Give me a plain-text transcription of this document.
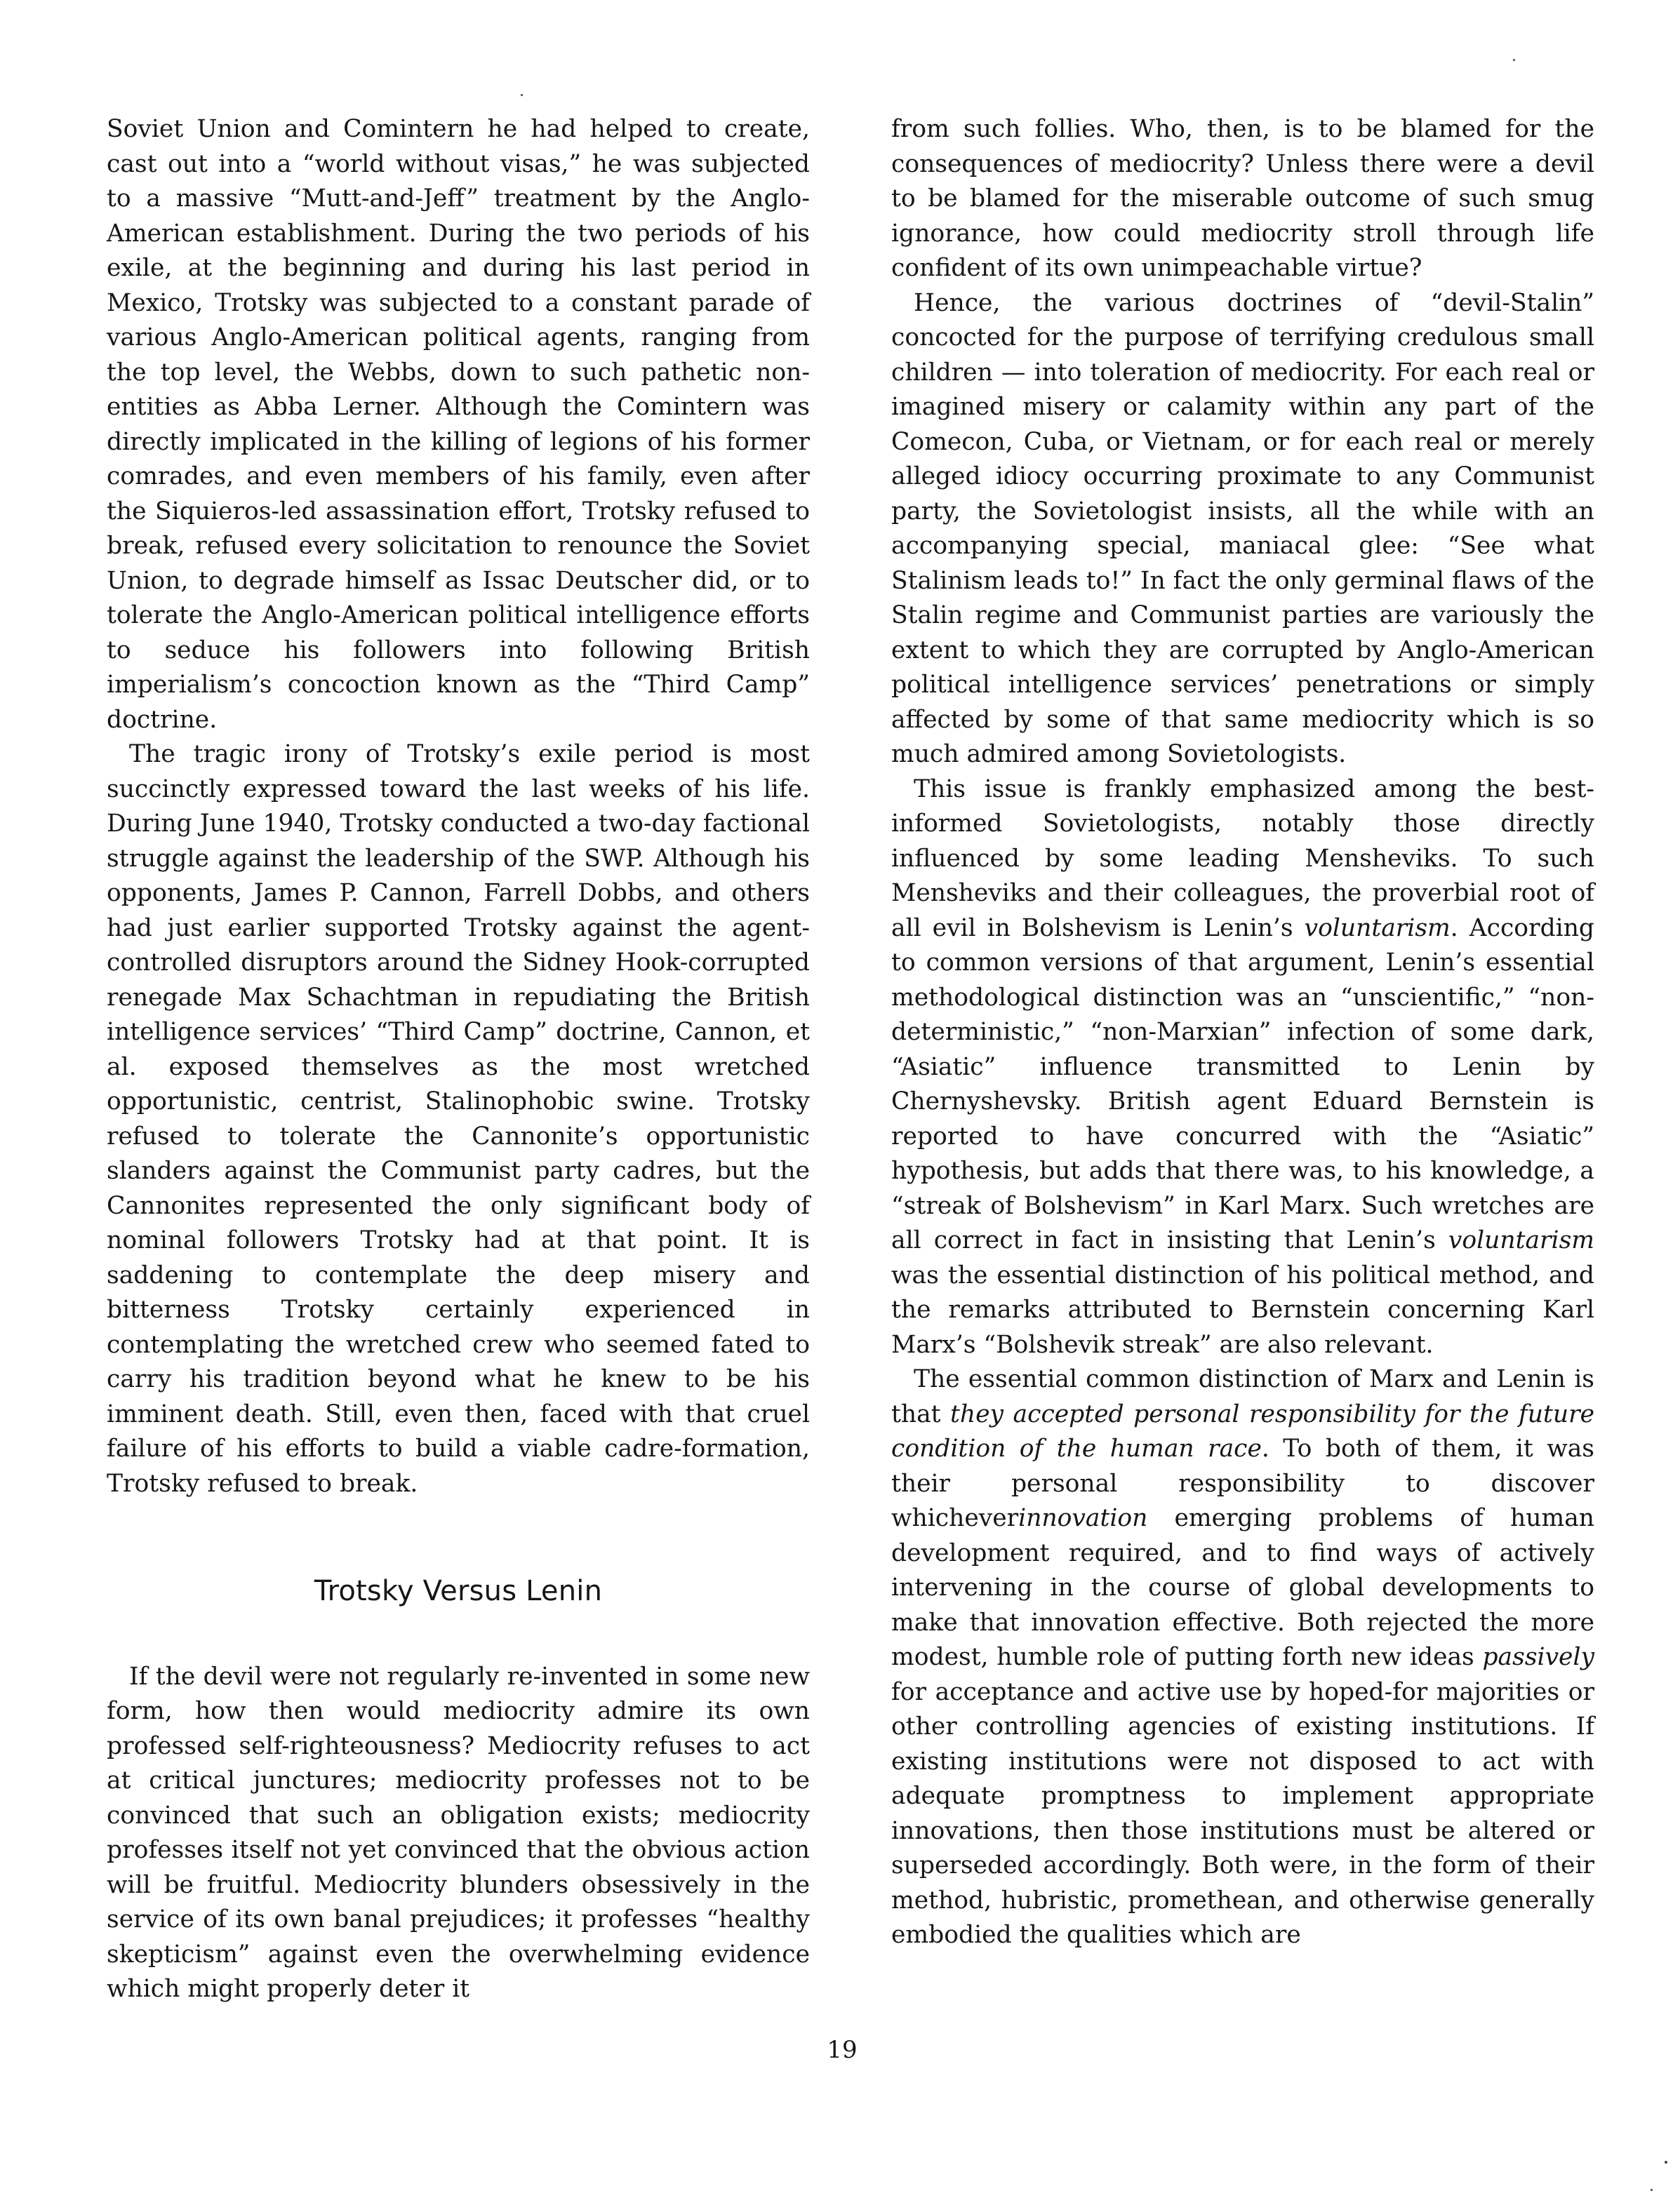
Soviet Union and Comintern he had helped to create, cast out into a “world without visas,” he was subjected to a massive “Mutt-and-Jeff” treatment by the Anglo-American establishment. During the two periods of his exile, at the beginning and during his last period in Mexico, Trotsky was subjected to a constant parade of various Anglo-American political agents, ranging from the top level, the Webbs, down to such pathetic non-entities as Abba Lerner. Although the Comintern was directly implicated in the killing of legions of his former comrades, and even members of his family, even after the Siquieros-led assassination effort, Trotsky refused to break, refused every solicitation to renounce the Soviet Union, to degrade himself as Issac Deutscher did, or to tolerate the Anglo-American political intelligence efforts to seduce his followers into following British imperialism’s concoction known as the “Third Camp” doctrine.

The tragic irony of Trotsky’s exile period is most succinctly expressed toward the last weeks of his life. During June 1940, Trotsky conducted a two-day factional struggle against the leadership of the SWP. Although his opponents, James P. Cannon, Farrell Dobbs, and others had just earlier supported Trotsky against the agent-controlled disruptors around the Sidney Hook-corrupted renegade Max Schachtman in repudiating the British intelligence services’ “Third Camp” doctrine, Cannon, et al. exposed themselves as the most wretched opportunistic, centrist, Stalinophobic swine. Trotsky refused to tolerate the Cannonite’s opportunistic slanders against the Communist party cadres, but the Cannonites represented the only significant body of nominal followers Trotsky had at that point. It is saddening to contemplate the deep misery and bitterness Trotsky certainly experienced in contemplating the wretched crew who seemed fated to carry his tradition beyond what he knew to be his imminent death. Still, even then, faced with that cruel failure of his efforts to build a viable cadre-formation, Trotsky refused to break.

Trotsky Versus Lenin

If the devil were not regularly re-invented in some new form, how then would mediocrity admire its own professed self-righteousness? Mediocrity refuses to act at critical junctures; mediocrity professes not to be convinced that such an obligation exists; mediocrity professes itself not yet convinced that the obvious action will be fruitful. Mediocrity blunders obsessively in the service of its own banal prejudices; it professes “healthy skepticism” against even the overwhelming evidence which might properly deter it

from such follies. Who, then, is to be blamed for the consequences of mediocrity? Unless there were a devil to be blamed for the miserable outcome of such smug ignorance, how could mediocrity stroll through life confident of its own unimpeachable virtue?

Hence, the various doctrines of “devil-Stalin” concocted for the purpose of terrifying credulous small children — into toleration of mediocrity. For each real or imagined misery or calamity within any part of the Comecon, Cuba, or Vietnam, or for each real or merely alleged idiocy occurring proximate to any Communist party, the Sovietologist insists, all the while with an accompanying special, maniacal glee: “See what Stalinism leads to!” In fact the only germinal flaws of the Stalin regime and Communist parties are variously the extent to which they are corrupted by Anglo-American political intelligence services’ penetrations or simply affected by some of that same mediocrity which is so much admired among Sovietologists.

This issue is frankly emphasized among the best-informed Sovietologists, notably those directly influenced by some leading Mensheviks. To such Mensheviks and their colleagues, the proverbial root of all evil in Bolshevism is Lenin’s voluntarism. According to common versions of that argument, Lenin’s essential methodological distinction was an “unscientific,” “non-deterministic,” “non-Marxian” infection of some dark, “Asiatic” influence transmitted to Lenin by Chernyshevsky. British agent Eduard Bernstein is reported to have concurred with the “Asiatic” hypothesis, but adds that there was, to his knowledge, a “streak of Bolshevism” in Karl Marx. Such wretches are all correct in fact in insisting that Lenin’s voluntarism was the essential distinction of his political method, and the remarks attributed to Bernstein concerning Karl Marx’s “Bolshevik streak” are also relevant.

The essential common distinction of Marx and Lenin is that they accepted personal responsibility for the future condition of the human race. To both of them, it was their personal responsibility to discover whicheverinnovation emerging problems of human development required, and to find ways of actively intervening in the course of global developments to make that innovation effective. Both rejected the more modest, humble role of putting forth new ideas passively for acceptance and active use by hoped-for majorities or other controlling agencies of existing institutions. If existing institutions were not disposed to act with adequate promptness to implement appropriate innovations, then those institutions must be altered or superseded accordingly. Both were, in the form of their method, hubristic, promethean, and otherwise generally embodied the qualities which are

19
